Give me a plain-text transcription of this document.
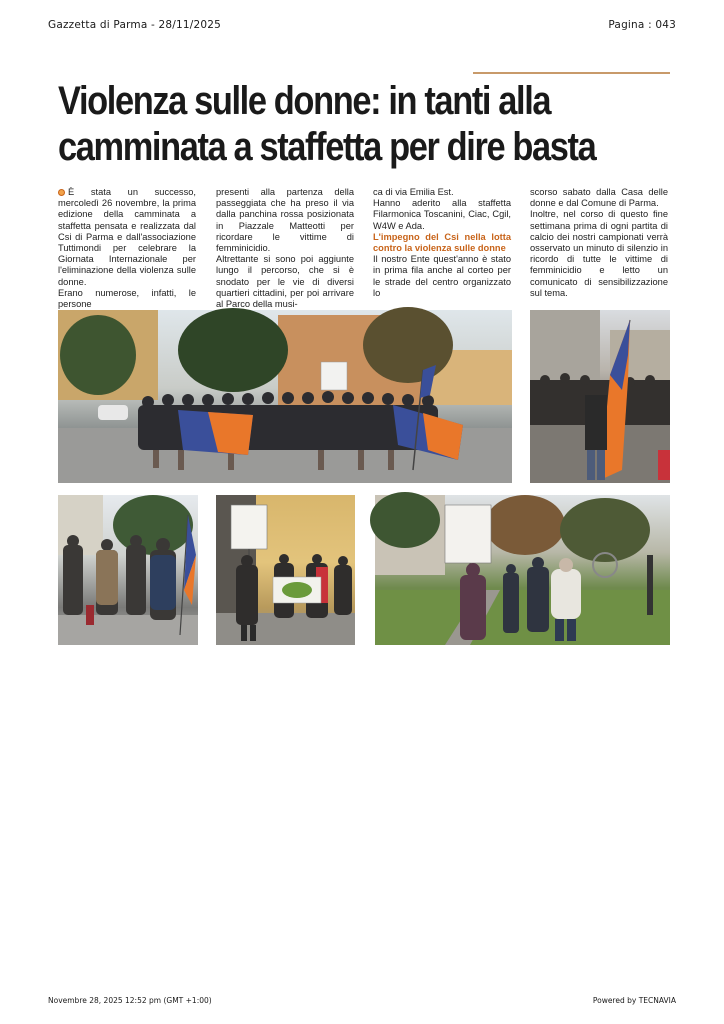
Gazzetta di Parma - 28/11/2025	Pagina : 043
Violenza sulle donne: in tanti alla
camminata a staffetta per dire basta

È stata un successo, mercoledì 26 novembre, la prima edizione della camminata a staffetta pensata e realizzata dal Csi di Parma e dall'associazione Tuttimondi per celebrare la Giornata Internazionale per l'eliminazione della violenza sulle donne.

Erano numerose, infatti, le persone

presenti alla partenza della passeggiata che ha preso il via dalla panchina rossa posizionata in Piazzale Matteotti per ricordare le vittime di femminicidio.

Altrettante si sono poi aggiunte lungo il percorso, che si è snodato per le vie di diversi quartieri cittadini, per poi arrivare al Parco della musi-

ca di via Emilia Est.

Hanno aderito alla staffetta Filarmonica Toscanini, Ciac, Cgil, W4W e Ada.

L'impegno del Csi nella lotta contro la violenza sulle donne

Il nostro Ente quest'anno è stato in prima fila anche al corteo per le strade del centro organizzato lo

scorso sabato dalla Casa delle donne e dal Comune di Parma.

Inoltre, nel corso di questo fine settimana prima di ogni partita di calcio dei nostri campionati verrà osservato un minuto di silenzio in ricordo di tutte le vittime di femminicidio e letto un comunicato di sensibilizzazione sul tema.

Novembre 28, 2025 12:52 pm (GMT +1:00)	Powered by TECNAVIA
